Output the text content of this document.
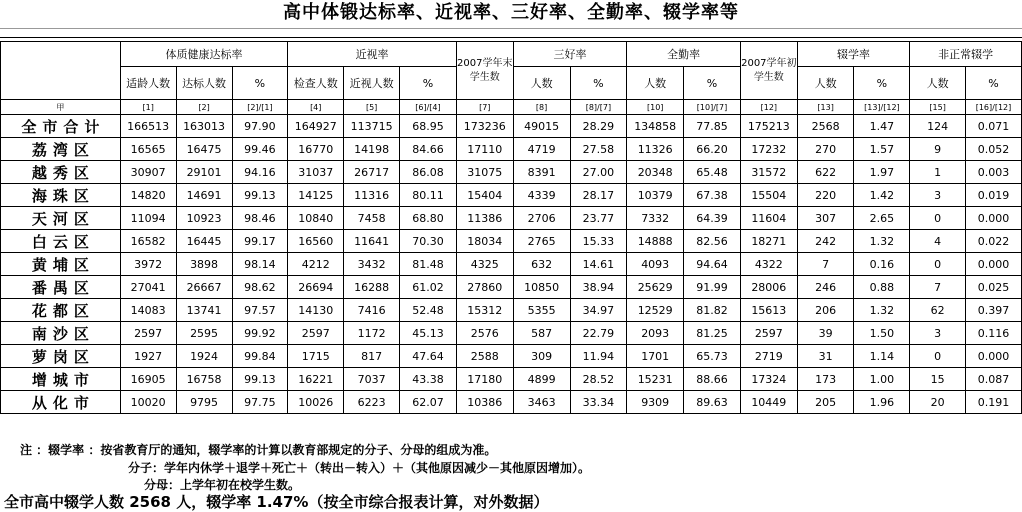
高中体锻达标率、近视率、三好率、全勤率、辍学率等
	体质健康达标率			近视率			2007学年末学生数	三好率		全勤率		2007学年初学生数	辍学率		非正常辍学	
	适龄人数	达标人数	%	检查人数	近视人数	%		人数	%	人数	%		人数	%	人数	%
甲	[1]	[2]	[2]/[1]	[4]	[5]	[6]/[4]	[7]	[8]	[8]/[7]	[10]	[10]/[7]	[12]	[13]	[13]/[12]	[15]	[16]/[12]
全市合计	166513	163013	97.90	164927	113715	68.95	173236	49015	28.29	134858	77.85	175213	2568	1.47	124	0.071
荔湾区	16565	16475	99.46	16770	14198	84.66	17110	4719	27.58	11326	66.20	17232	270	1.57	9	0.052
越秀区	30907	29101	94.16	31037	26717	86.08	31075	8391	27.00	20348	65.48	31572	622	1.97	1	0.003
海珠区	14820	14691	99.13	14125	11316	80.11	15404	4339	28.17	10379	67.38	15504	220	1.42	3	0.019
天河区	11094	10923	98.46	10840	7458	68.80	11386	2706	23.77	7332	64.39	11604	307	2.65	0	0.000
白云区	16582	16445	99.17	16560	11641	70.30	18034	2765	15.33	14888	82.56	18271	242	1.32	4	0.022
黄埔区	3972	3898	98.14	4212	3432	81.48	4325	632	14.61	4093	94.64	4322	7	0.16	0	0.000
番禺区	27041	26667	98.62	26694	16288	61.02	27860	10850	38.94	25629	91.99	28006	246	0.88	7	0.025
花都区	14083	13741	97.57	14130	7416	52.48	15312	5355	34.97	12529	81.82	15613	206	1.32	62	0.397
南沙区	2597	2595	99.92	2597	1172	45.13	2576	587	22.79	2093	81.25	2597	39	1.50	3	0.116
萝岗区	1927	1924	99.84	1715	817	47.64	2588	309	11.94	1701	65.73	2719	31	1.14	0	0.000
增城市	16905	16758	99.13	16221	7037	43.38	17180	4899	28.52	15231	88.66	17324	173	1.00	15	0.087
从化市	10020	9795	97.75	10026	6223	62.07	10386	3463	33.34	9309	89.63	10449	205	1.96	20	0.191
注 ：辍学率 ：按省教育厅的通知，辍学率的计算以教育部规定的分子、分母的组成为准。
分子：学年内休学＋退学＋死亡＋（转出－转入）＋（其他原因减少－其他原因增加）。
分母：上学年初在校学生数。
全市高中辍学人数 2568 人，辍学率 1.47%（按全市综合报表计算，对外数据）
